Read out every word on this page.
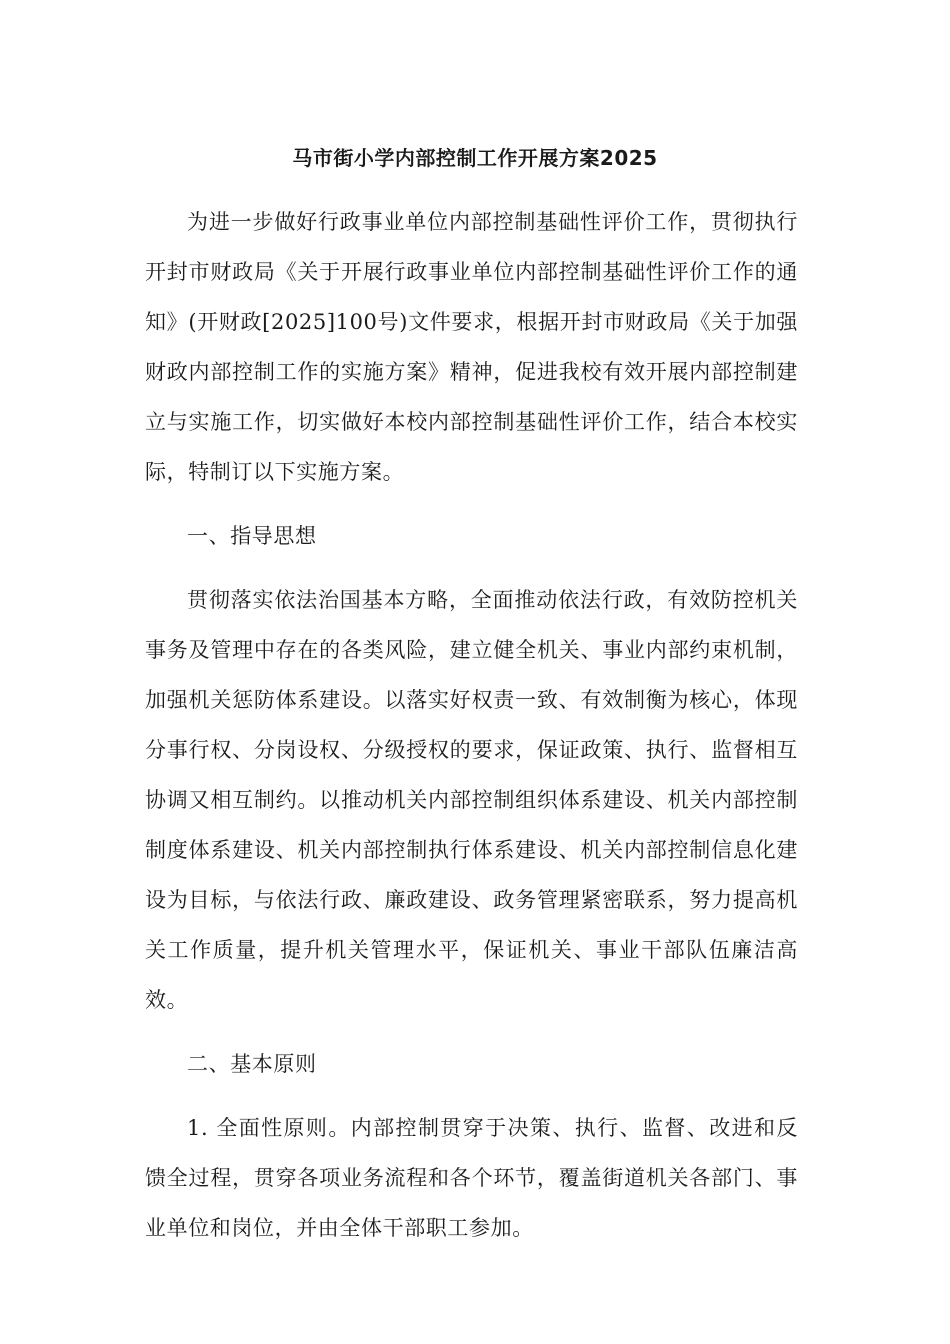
马市街小学内部控制工作开展方案2025

为进一步做好行政事业单位内部控制基础性评价工作，贯彻执行开封市财政局《关于开展行政事业单位内部控制基础性评价工作的通知》(开财政[2025]100号)文件要求，根据开封市财政局《关于加强财政内部控制工作的实施方案》精神，促进我校有效开展内部控制建立与实施工作，切实做好本校内部控制基础性评价工作，结合本校实际，特制订以下实施方案。

一、指导思想

贯彻落实依法治国基本方略，全面推动依法行政，有效防控机关事务及管理中存在的各类风险，建立健全机关、事业内部约束机制，加强机关惩防体系建设。以落实好权责一致、有效制衡为核心，体现分事行权、分岗设权、分级授权的要求，保证政策、执行、监督相互协调又相互制约。以推动机关内部控制组织体系建设、机关内部控制制度体系建设、机关内部控制执行体系建设、机关内部控制信息化建设为目标，与依法行政、廉政建设、政务管理紧密联系，努力提高机关工作质量，提升机关管理水平，保证机关、事业干部队伍廉洁高效。

二、基本原则

1. 全面性原则。内部控制贯穿于决策、执行、监督、改进和反馈全过程，贯穿各项业务流程和各个环节，覆盖街道机关各部门、事业单位和岗位，并由全体干部职工参加。
